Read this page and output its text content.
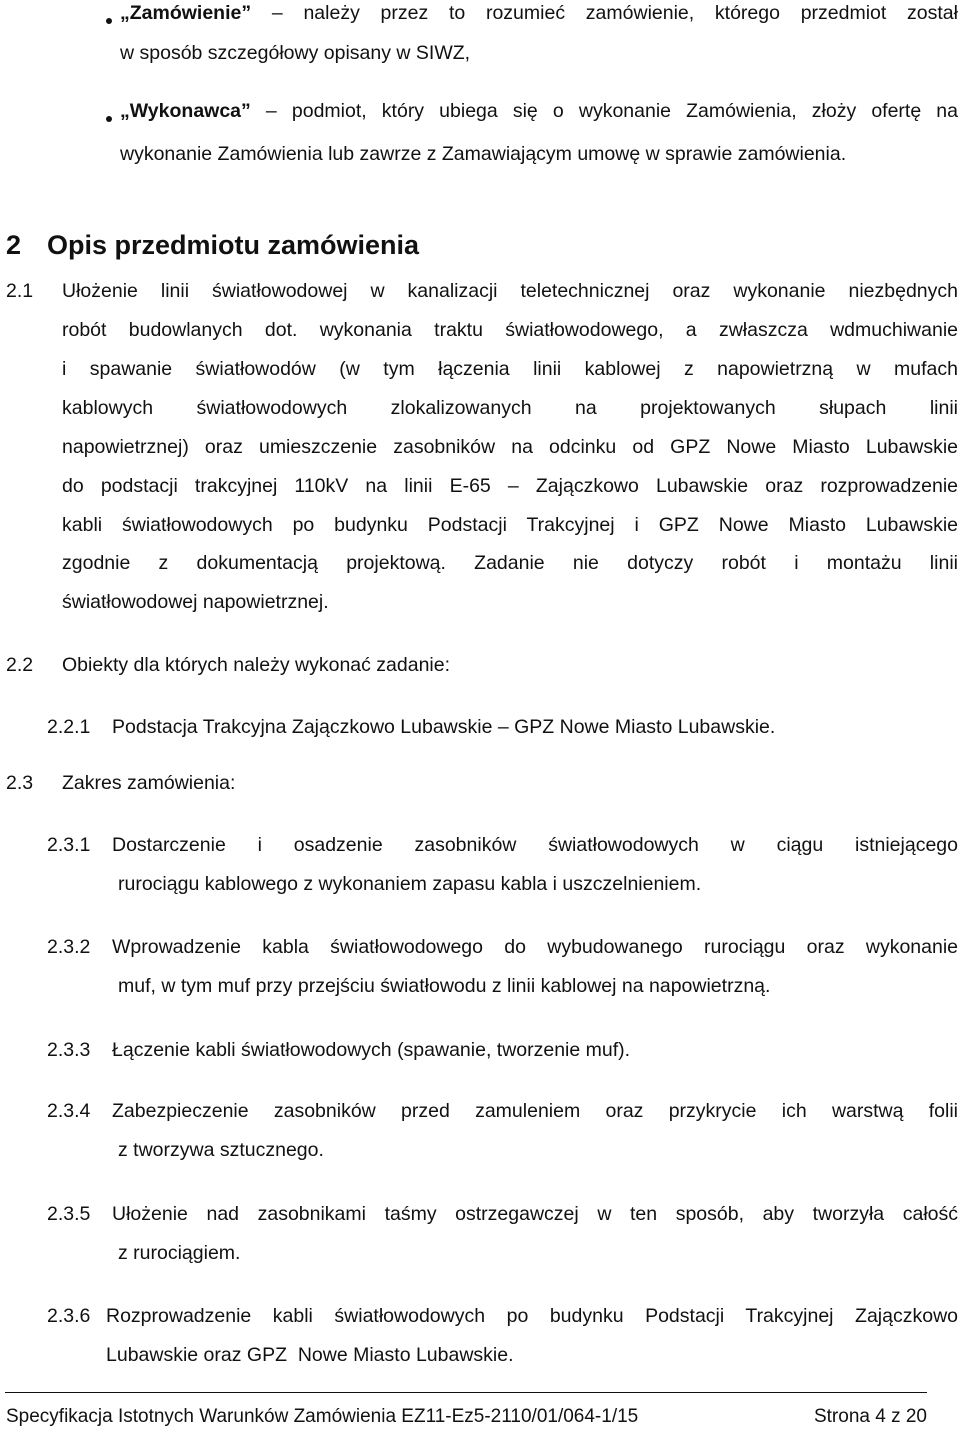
„Zamówienie” – należy przez to rozumieć zamówienie, którego przedmiot został
w sposób szczegółowy opisany w SIWZ,
„Wykonawca” – podmiot, który ubiega się o wykonanie Zamówienia, złoży ofertę na
wykonanie Zamówienia lub zawrze z Zamawiającym umowę w sprawie zamówienia.
2 Opis przedmiotu zamówienia
2.1 Ułożenie linii światłowodowej w kanalizacji teletechnicznej oraz wykonanie niezbędnych
robót budowlanych dot. wykonania traktu światłowodowego, a zwłaszcza wdmuchiwanie
i spawanie światłowodów (w tym łączenia linii kablowej z napowietrzną w mufach
kablowych światłowodowych zlokalizowanych na projektowanych słupach linii
napowietrznej) oraz umieszczenie zasobników na odcinku od GPZ Nowe Miasto Lubawskie
do podstacji trakcyjnej 110kV na linii E-65 – Zajączkowo Lubawskie oraz rozprowadzenie
kabli światłowodowych po budynku Podstacji Trakcyjnej i GPZ Nowe Miasto Lubawskie
zgodnie z dokumentacją projektową. Zadanie nie dotyczy robót i montażu linii
światłowodowej napowietrznej.
2.2 Obiekty dla których należy wykonać zadanie:
2.2.1 Podstacja Trakcyjna Zajączkowo Lubawskie – GPZ Nowe Miasto Lubawskie.
2.3 Zakres zamówienia:
2.3.1 Dostarczenie i osadzenie zasobników światłowodowych w ciągu istniejącego
rurociągu kablowego z wykonaniem zapasu kabla i uszczelnieniem.
2.3.2 Wprowadzenie kabla światłowodowego do wybudowanego rurociągu oraz wykonanie
muf, w tym muf przy przejściu światłowodu z linii kablowej na napowietrzną.
2.3.3 Łączenie kabli światłowodowych (spawanie, tworzenie muf).
2.3.4 Zabezpieczenie zasobników przed zamuleniem oraz przykrycie ich warstwą folii
z tworzywa sztucznego.
2.3.5 Ułożenie nad zasobnikami taśmy ostrzegawczej w ten sposób, aby tworzyła całość
z rurociągiem.
2.3.6 Rozprowadzenie kabli światłowodowych po budynku Podstacji Trakcyjnej Zajączkowo
Lubawskie oraz GPZ  Nowe Miasto Lubawskie.
Specyfikacja Istotnych Warunków Zamówienia EZ11-Ez5-2110/01/064-1/15	Strona 4 z 20
